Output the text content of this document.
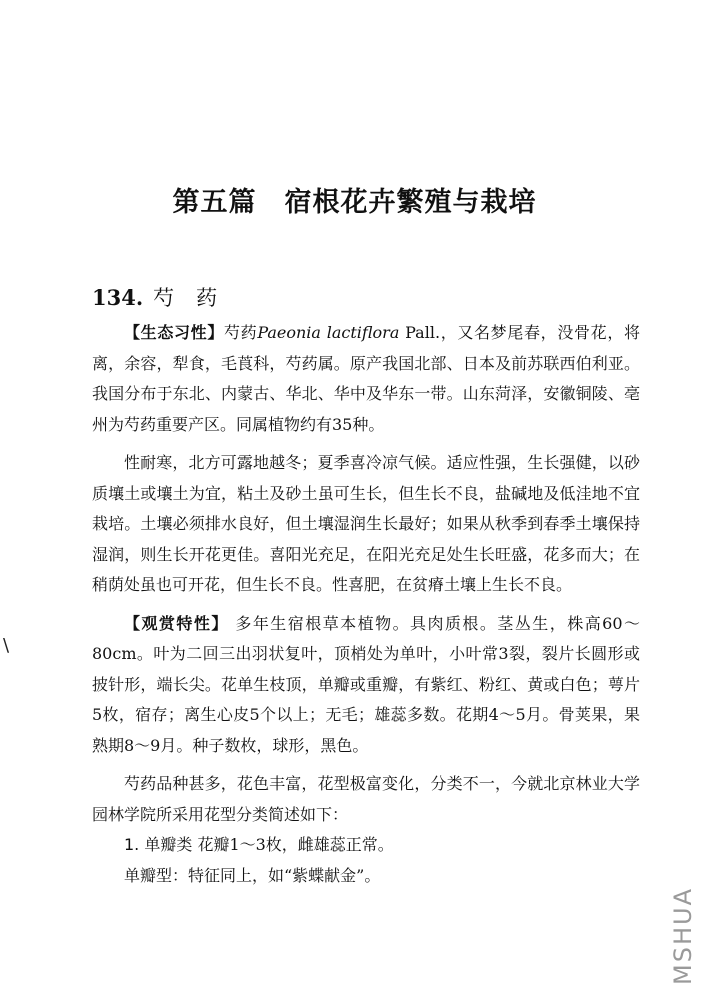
第五篇 宿根花卉繁殖与栽培
134. 芍药

【生态习性】芍药Paeonia lactiflora Pall.，又名梦尾春，没骨花，将离，余容，犁食，毛莨科，芍药属。原产我国北部、日本及前苏联西伯利亚。我国分布于东北、内蒙古、华北、华中及华东一带。山东菏泽，安徽铜陵、亳州为芍药重要产区。同属植物约有35种。

性耐寒，北方可露地越冬；夏季喜冷凉气候。适应性强，生长强健，以砂质壤土或壤土为宜，粘土及砂土虽可生长，但生长不良，盐碱地及低洼地不宜栽培。土壤必须排水良好，但土壤湿润生长最好；如果从秋季到春季土壤保持湿润，则生长开花更佳。喜阳光充足，在阳光充足处生长旺盛，花多而大；在稍荫处虽也可开花，但生长不良。性喜肥，在贫瘠土壤上生长不良。

【观赏特性】 多年生宿根草本植物。具肉质根。茎丛生，株高60～80cm。叶为二回三出羽状复叶，顶梢处为单叶，小叶常3裂，裂片长圆形或披针形，端长尖。花单生枝顶，单瓣或重瓣，有紫红、粉红、黄或白色；萼片5枚，宿存；离生心皮5个以上；无毛；雄蕊多数。花期4～5月。骨荚果，果熟期8～9月。种子数枚，球形，黑色。

芍药品种甚多，花色丰富，花型极富变化，分类不一，今就北京林业大学园林学院所采用花型分类简述如下：

1. 单瓣类 花瓣1～3枚，雌雄蕊正常。

单瓣型：特征同上，如“紫蝶献金”。

\
MSHUA
